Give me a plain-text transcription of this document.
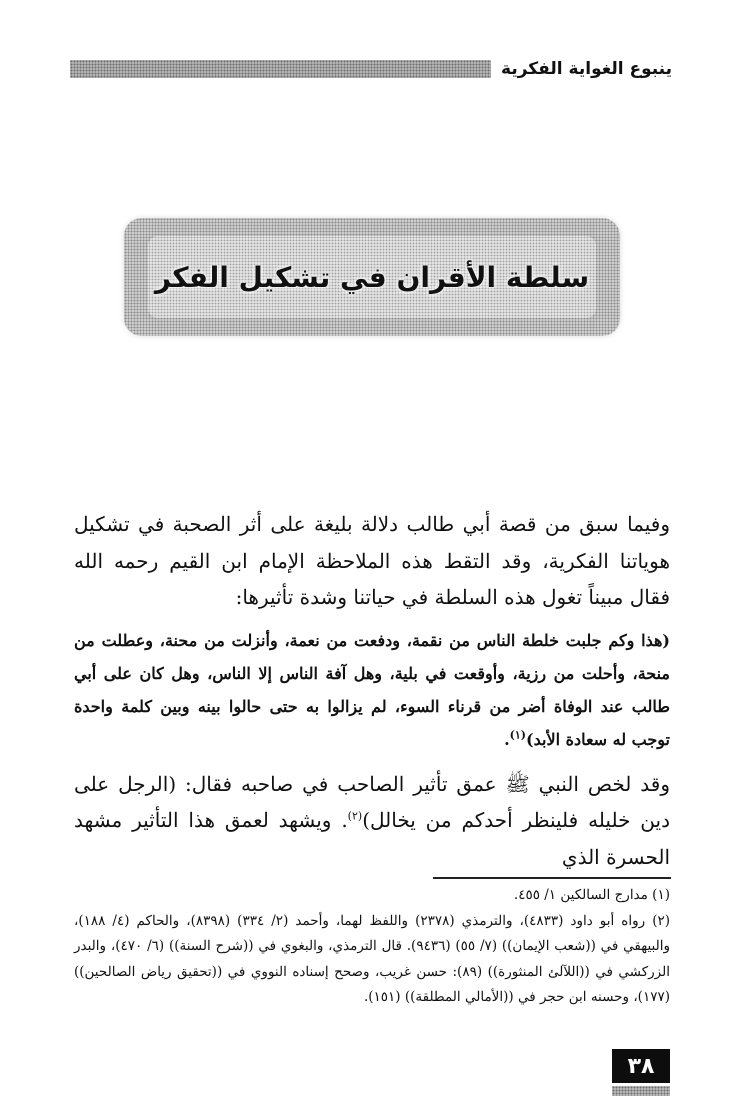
ينبوع الغواية الفكرية
سلطة الأقران في تشكيل الفكر

وفيما سبق من قصة أبي طالب دلالة بليغة على أثر الصحبة في تشكيل هوياتنا الفكرية، وقد التقط هذه الملاحظة الإمام ابن القيم رحمه الله فقال مبيناً تغول هذه السلطة في حياتنا وشدة تأثيرها:

(هذا وكم جلبت خلطة الناس من نقمة، ودفعت من نعمة، وأنزلت من محنة، وعطلت من منحة، وأحلت من رزية، وأوقعت في بلية، وهل آفة الناس إلا الناس، وهل كان على أبي طالب عند الوفاة أضر من قرناء السوء، لم يزالوا به حتى حالوا بينه وبين كلمة واحدة توجب له سعادة الأبد)$^{(١)}$.

وقد لخص النبي ﷺ عمق تأثير الصاحب في صاحبه فقال: (الرجل على دين خليله فلينظر أحدكم من يخالل)$^{(٢)}$. ويشهد لعمق هذا التأثير مشهد الحسرة الذي

(١) مدارج السالكين ١/ ٤٥٥.

(٢) رواه أبو داود (٤٨٣٣)، والترمذي (٢٣٧٨) واللفظ لهما، وأحمد (٢/ ٣٣٤) (٨٣٩٨)، والحاكم (٤/ ١٨٨)، والبيهقي في ((شعب الإيمان)) (٧/ ٥٥) (٩٤٣٦). قال الترمذي، والبغوي في ((شرح السنة)) (٦/ ٤٧٠)، والبدر الزركشي في ((اللآلئ المنثورة)) (٨٩): حسن غريب، وصحح إسناده النووي في ((تحقيق رياض الصالحين)) (١٧٧)، وحسنه ابن حجر في ((الأمالي المطلقة)) (١٥١).

٣٨
